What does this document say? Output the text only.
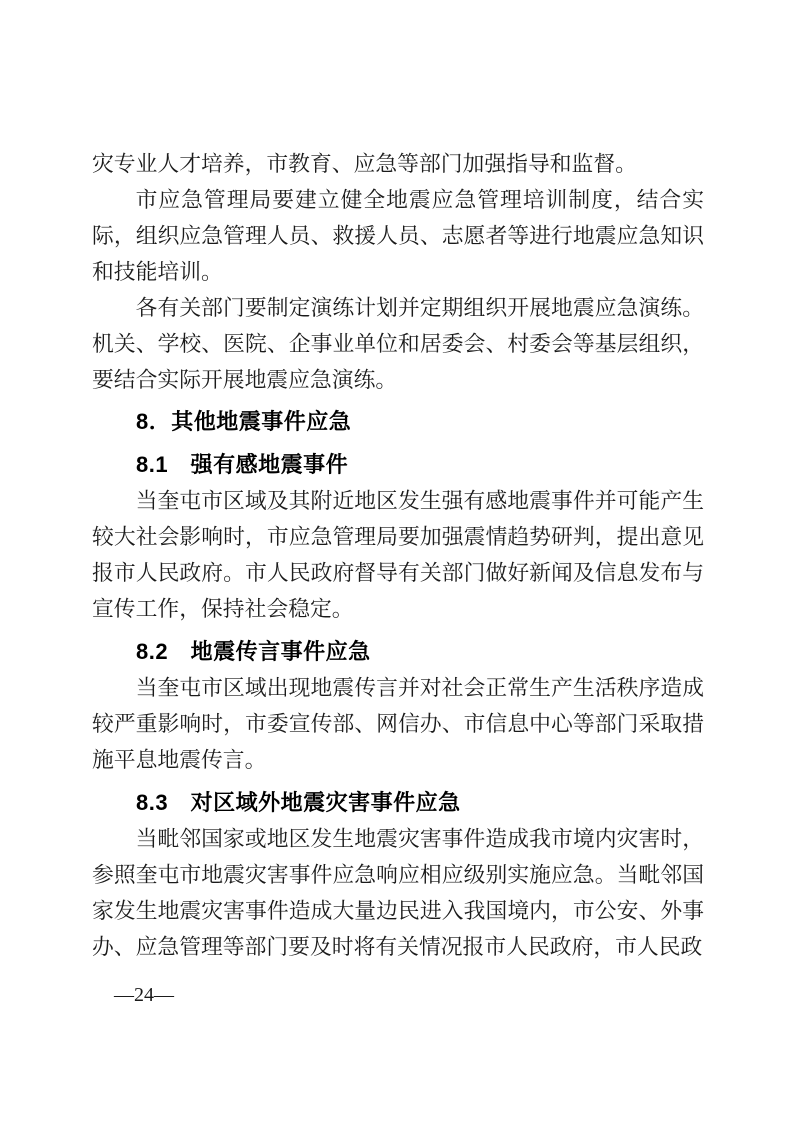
灾专业人才培养，市教育、应急等部门加强指导和监督。

市应急管理局要建立健全地震应急管理培训制度，结合实际，组织应急管理人员、救援人员、志愿者等进行地震应急知识和技能培训。

各有关部门要制定演练计划并定期组织开展地震应急演练。机关、学校、医院、企事业单位和居委会、村委会等基层组织，要结合实际开展地震应急演练。

8．其他地震事件应急
8.1　强有感地震事件

当奎屯市区域及其附近地区发生强有感地震事件并可能产生较大社会影响时，市应急管理局要加强震情趋势研判，提出意见报市人民政府。市人民政府督导有关部门做好新闻及信息发布与宣传工作，保持社会稳定。

8.2　地震传言事件应急

当奎屯市区域出现地震传言并对社会正常生产生活秩序造成较严重影响时，市委宣传部、网信办、市信息中心等部门采取措施平息地震传言。

8.3　对区域外地震灾害事件应急

当毗邻国家或地区发生地震灾害事件造成我市境内灾害时，参照奎屯市地震灾害事件应急响应相应级别实施应急。当毗邻国家发生地震灾害事件造成大量边民进入我国境内，市公安、外事办、应急管理等部门要及时将有关情况报市人民政府，市人民政

—24—
